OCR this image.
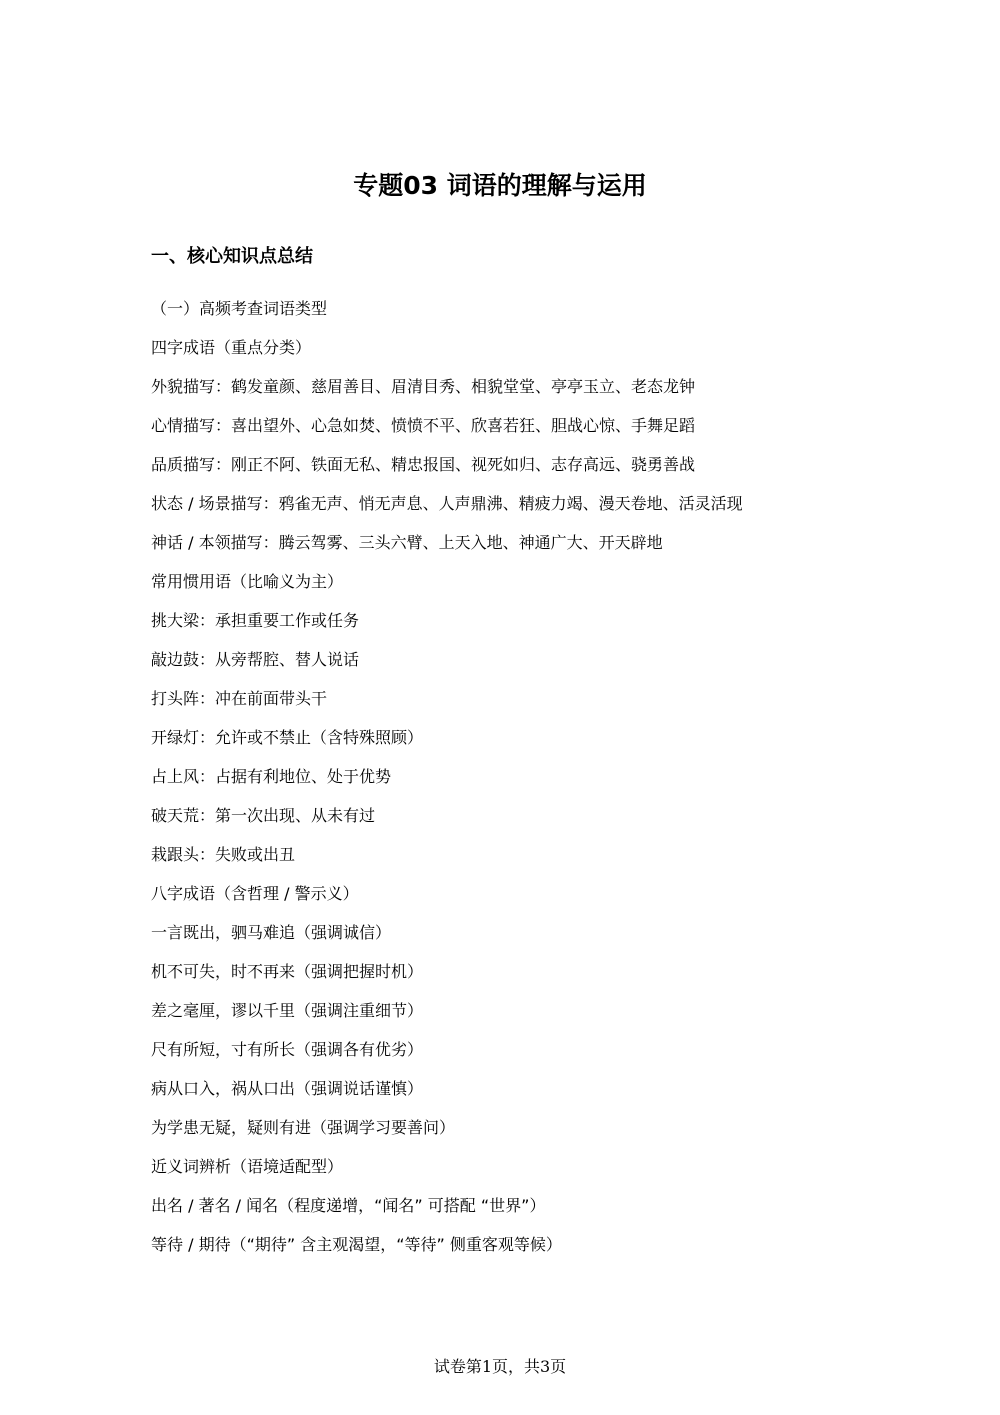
专题03 词语的理解与运用
一、核心知识点总结
（一）高频考查词语类型
四字成语（重点分类）
外貌描写：鹤发童颜、慈眉善目、眉清目秀、相貌堂堂、亭亭玉立、老态龙钟
心情描写：喜出望外、心急如焚、愤愤不平、欣喜若狂、胆战心惊、手舞足蹈
品质描写：刚正不阿、铁面无私、精忠报国、视死如归、志存高远、骁勇善战
状态 / 场景描写：鸦雀无声、悄无声息、人声鼎沸、精疲力竭、漫天卷地、活灵活现
神话 / 本领描写：腾云驾雾、三头六臂、上天入地、神通广大、开天辟地
常用惯用语（比喻义为主）
挑大梁：承担重要工作或任务
敲边鼓：从旁帮腔、替人说话
打头阵：冲在前面带头干
开绿灯：允许或不禁止（含特殊照顾）
占上风：占据有利地位、处于优势
破天荒：第一次出现、从未有过
栽跟头：失败或出丑
八字成语（含哲理 / 警示义）
一言既出，驷马难追（强调诚信）
机不可失，时不再来（强调把握时机）
差之毫厘，谬以千里（强调注重细节）
尺有所短，寸有所长（强调各有优劣）
病从口入，祸从口出（强调说话谨慎）
为学患无疑，疑则有进（强调学习要善问）
近义词辨析（语境适配型）
出名 / 著名 / 闻名（程度递增，“闻名” 可搭配 “世界”）
等待 / 期待（“期待” 含主观渴望，“等待” 侧重客观等候）
试卷第1页，共3页
